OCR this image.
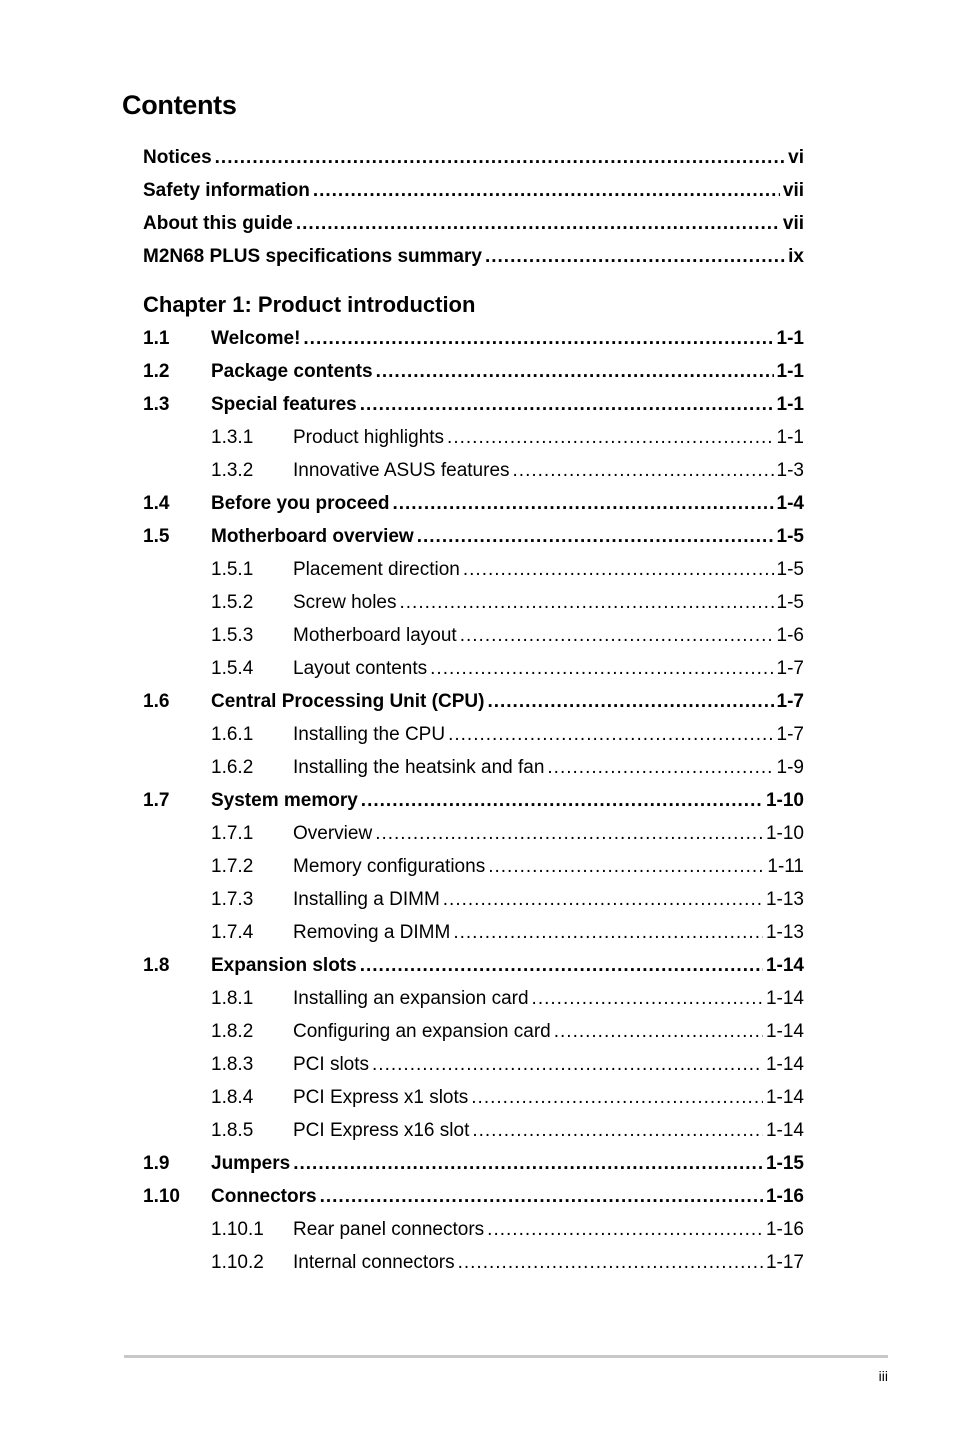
Contents
Notices .....	vi
Safety information .....	vii
About this guide .....	vii
M2N68 PLUS specifications summary .....	ix
Chapter 1: Product introduction
1.1	Welcome! .....	1-1
1.2	Package contents .....	1-1
1.3	Special features .....	1-1
1.3.1	Product highlights .....	1-1
1.3.2	Innovative ASUS features .....	1-3
1.4	Before you proceed .....	1-4
1.5	Motherboard overview .....	1-5
1.5.1	Placement direction .....	1-5
1.5.2	Screw holes .....	1-5
1.5.3	Motherboard layout .....	1-6
1.5.4	Layout contents .....	1-7
1.6	Central Processing Unit (CPU) .....	1-7
1.6.1	Installing the CPU .....	1-7
1.6.2	Installing the heatsink and fan .....	1-9
1.7	System memory .....	1-10
1.7.1	Overview .....	1-10
1.7.2	Memory configurations .....	1-11
1.7.3	Installing a DIMM .....	1-13
1.7.4	Removing a DIMM .....	1-13
1.8	Expansion slots .....	1-14
1.8.1	Installing an expansion card .....	1-14
1.8.2	Configuring an expansion card .....	1-14
1.8.3	PCI slots .....	1-14
1.8.4	PCI Express x1 slots .....	1-14
1.8.5	PCI Express x16 slot .....	1-14
1.9	Jumpers .....	1-15
1.10	Connectors .....	1-16
1.10.1	Rear panel connectors .....	1-16
1.10.2	Internal connectors .....	1-17
iii
